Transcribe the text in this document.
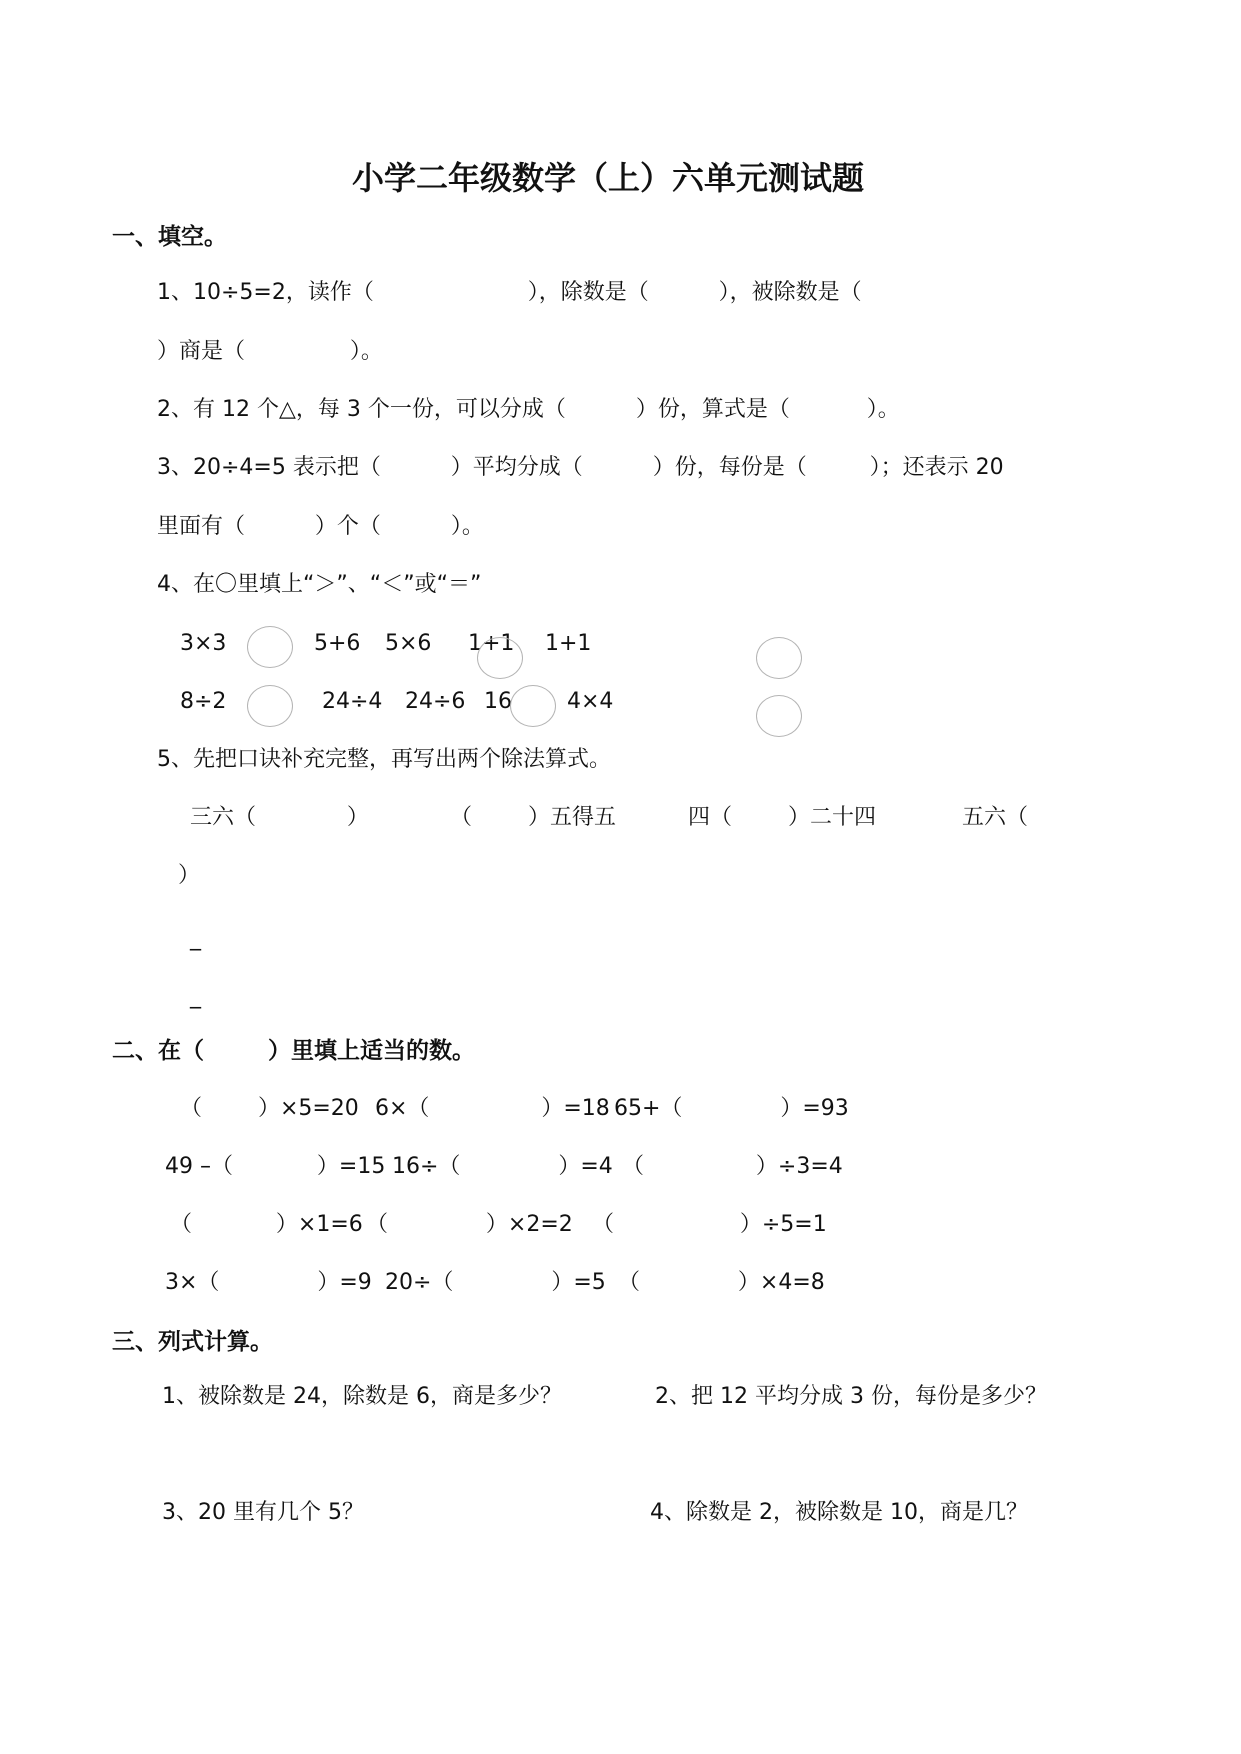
小学二年级数学（上）六单元测试题
一、填空。
1、10÷5=2，读作（                      ），除数是（          ），被除数是（
）商是（               ）。
2、有 12 个△，每 3 个一份，可以分成（          ）份，算式是（           ）。
3、20÷4=5 表示把（          ）平均分成（          ）份，每份是（         ）；还表示 20
里面有（          ）个（          ）。
4、在〇里填上“＞”、“＜”或“＝”
3×3	5+6 5×6 1+1 1+1
8÷2	24÷4 24÷6 16	4×4
5、先把口诀补充完整，再写出两个除法算式。
三六（             ）	（        ）五得五	四（        ）二十四	五六（
）
_
_
二、在（        ）里填上适当的数。
（        ）×5=20 6×（                ）=18 65+（              ）=93
49 –（            ）=15 16÷（              ）=4 （                ）÷3=4
（            ）×1=6 （              ）×2=2 （                  ）÷5=1
3×（              ）=9 20÷（              ）=5 （              ）×4=8
三、列式计算。
1、被除数是 24，除数是 6，商是多少？	2、把 12 平均分成 3 份，每份是多少？
3、20 里有几个 5？	4、除数是 2，被除数是 10，商是几？
